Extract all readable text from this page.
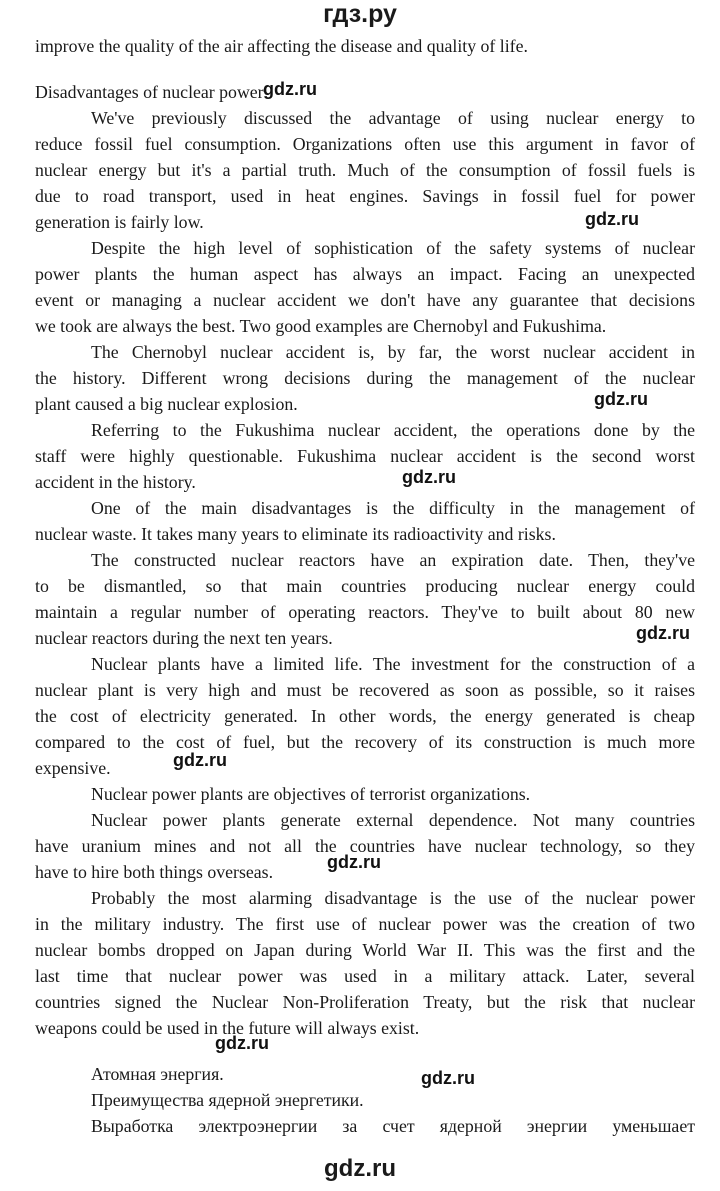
гдз.ру
improve the quality of the air affecting the disease and quality of life.
Disadvantages of nuclear power
We've previously discussed the advantage of using nuclear energy to
reduce fossil fuel consumption. Organizations often use this argument in favor of
nuclear energy but it's a partial truth. Much of the consumption of fossil fuels is
due to road transport, used in heat engines. Savings in fossil fuel for power
generation is fairly low.
Despite the high level of sophistication of the safety systems of nuclear
power plants the human aspect has always an impact. Facing an unexpected
event or managing a nuclear accident we don't have any guarantee that decisions
we took are always the best. Two good examples are Chernobyl and Fukushima.
The Chernobyl nuclear accident is, by far, the worst nuclear accident in
the history. Different wrong decisions during the management of the nuclear
plant caused a big nuclear explosion.
Referring to the Fukushima nuclear accident, the operations done by the
staff were highly questionable. Fukushima nuclear accident is the second worst
accident in the history.
One of the main disadvantages is the difficulty in the management of
nuclear waste. It takes many years to eliminate its radioactivity and risks.
The constructed nuclear reactors have an expiration date. Then, they've
to be dismantled, so that main countries producing nuclear energy could
maintain a regular number of operating reactors. They've to built about 80 new
nuclear reactors during the next ten years.
Nuclear plants have a limited life. The investment for the construction of a
nuclear plant is very high and must be recovered as soon as possible, so it raises
the cost of electricity generated. In other words, the energy generated is cheap
compared to the cost of fuel, but the recovery of its construction is much more
expensive.
Nuclear power plants are objectives of terrorist organizations.
Nuclear power plants generate external dependence. Not many countries
have uranium mines and not all the countries have nuclear technology, so they
have to hire both things overseas.
Probably the most alarming disadvantage is the use of the nuclear power
in the military industry. The first use of nuclear power was the creation of two
nuclear bombs dropped on Japan during World War II. This was the first and the
last time that nuclear power was used in a military attack. Later, several
countries signed the Nuclear Non-Proliferation Treaty, but the risk that nuclear
weapons could be used in the future will always exist.
Атомная энергия.
Преимущества ядерной энергетики.
Выработка электроэнергии за счет ядерной энергии уменьшает
gdz.ru
gdz.ru
gdz.ru
gdz.ru
gdz.ru
gdz.ru
gdz.ru
gdz.ru
gdz.ru
gdz.ru
